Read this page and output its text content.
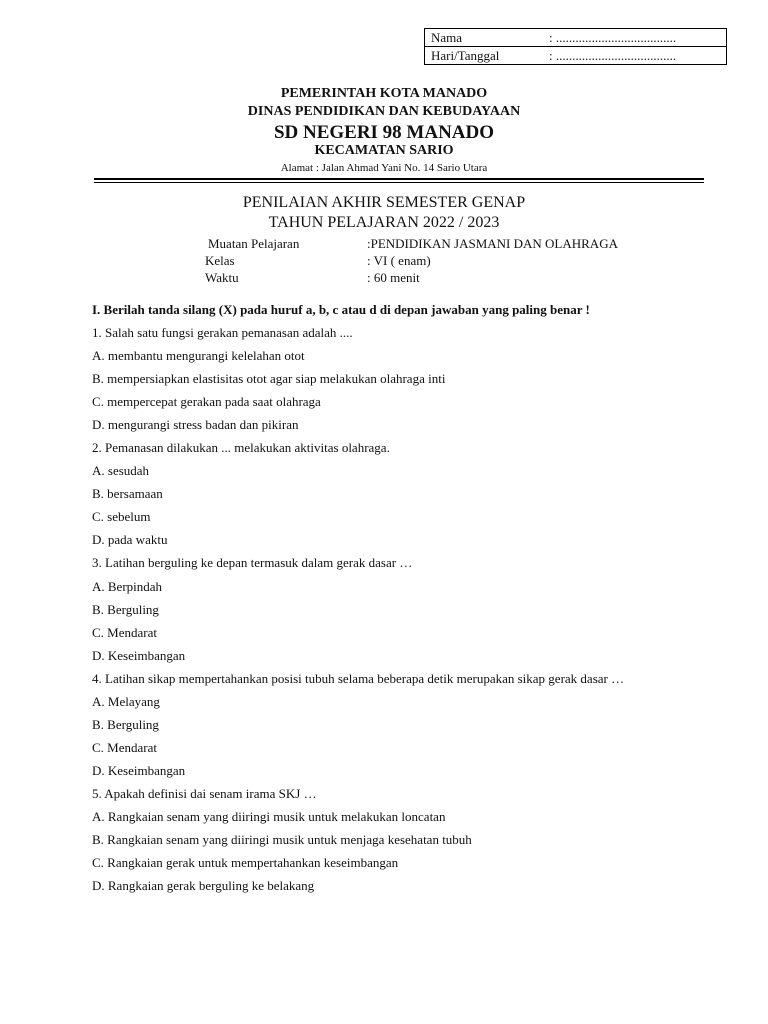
Nama	: .....................................
Hari/Tanggal	: .....................................
PEMERINTAH KOTA MANADO
DINAS PENDIDIKAN DAN KEBUDAYAAN
SD NEGERI 98 MANADO
KECAMATAN SARIO
Alamat : Jalan Ahmad Yani No. 14 Sario Utara
PENILAIAN AKHIR SEMESTER GENAP
TAHUN PELAJARAN 2022 / 2023
Muatan Pelajaran	:PENDIDIKAN JASMANI DAN OLAHRAGA
Kelas	: VI ( enam)
Waktu	: 60 menit
I. Berilah tanda silang (X) pada huruf a, b, c atau d di depan jawaban yang paling benar !
1. Salah satu fungsi gerakan pemanasan adalah ....
A. membantu mengurangi kelelahan otot
B. mempersiapkan elastisitas otot agar siap melakukan olahraga inti
C. mempercepat gerakan pada saat olahraga
D. mengurangi stress badan dan pikiran
2. Pemanasan dilakukan ... melakukan aktivitas olahraga.
A. sesudah
B. bersamaan
C. sebelum
D. pada waktu
3. Latihan berguling ke depan termasuk dalam gerak dasar …
A. Berpindah
B. Berguling
C. Mendarat
D. Keseimbangan
4. Latihan sikap mempertahankan posisi tubuh selama beberapa detik merupakan sikap gerak dasar …
A. Melayang
B. Berguling
C. Mendarat
D. Keseimbangan
5. Apakah definisi dai senam irama SKJ …
A. Rangkaian senam yang diiringi musik untuk melakukan loncatan
B. Rangkaian senam yang diiringi musik untuk menjaga kesehatan tubuh
C. Rangkaian gerak untuk mempertahankan keseimbangan
D. Rangkaian gerak berguling ke belakang
